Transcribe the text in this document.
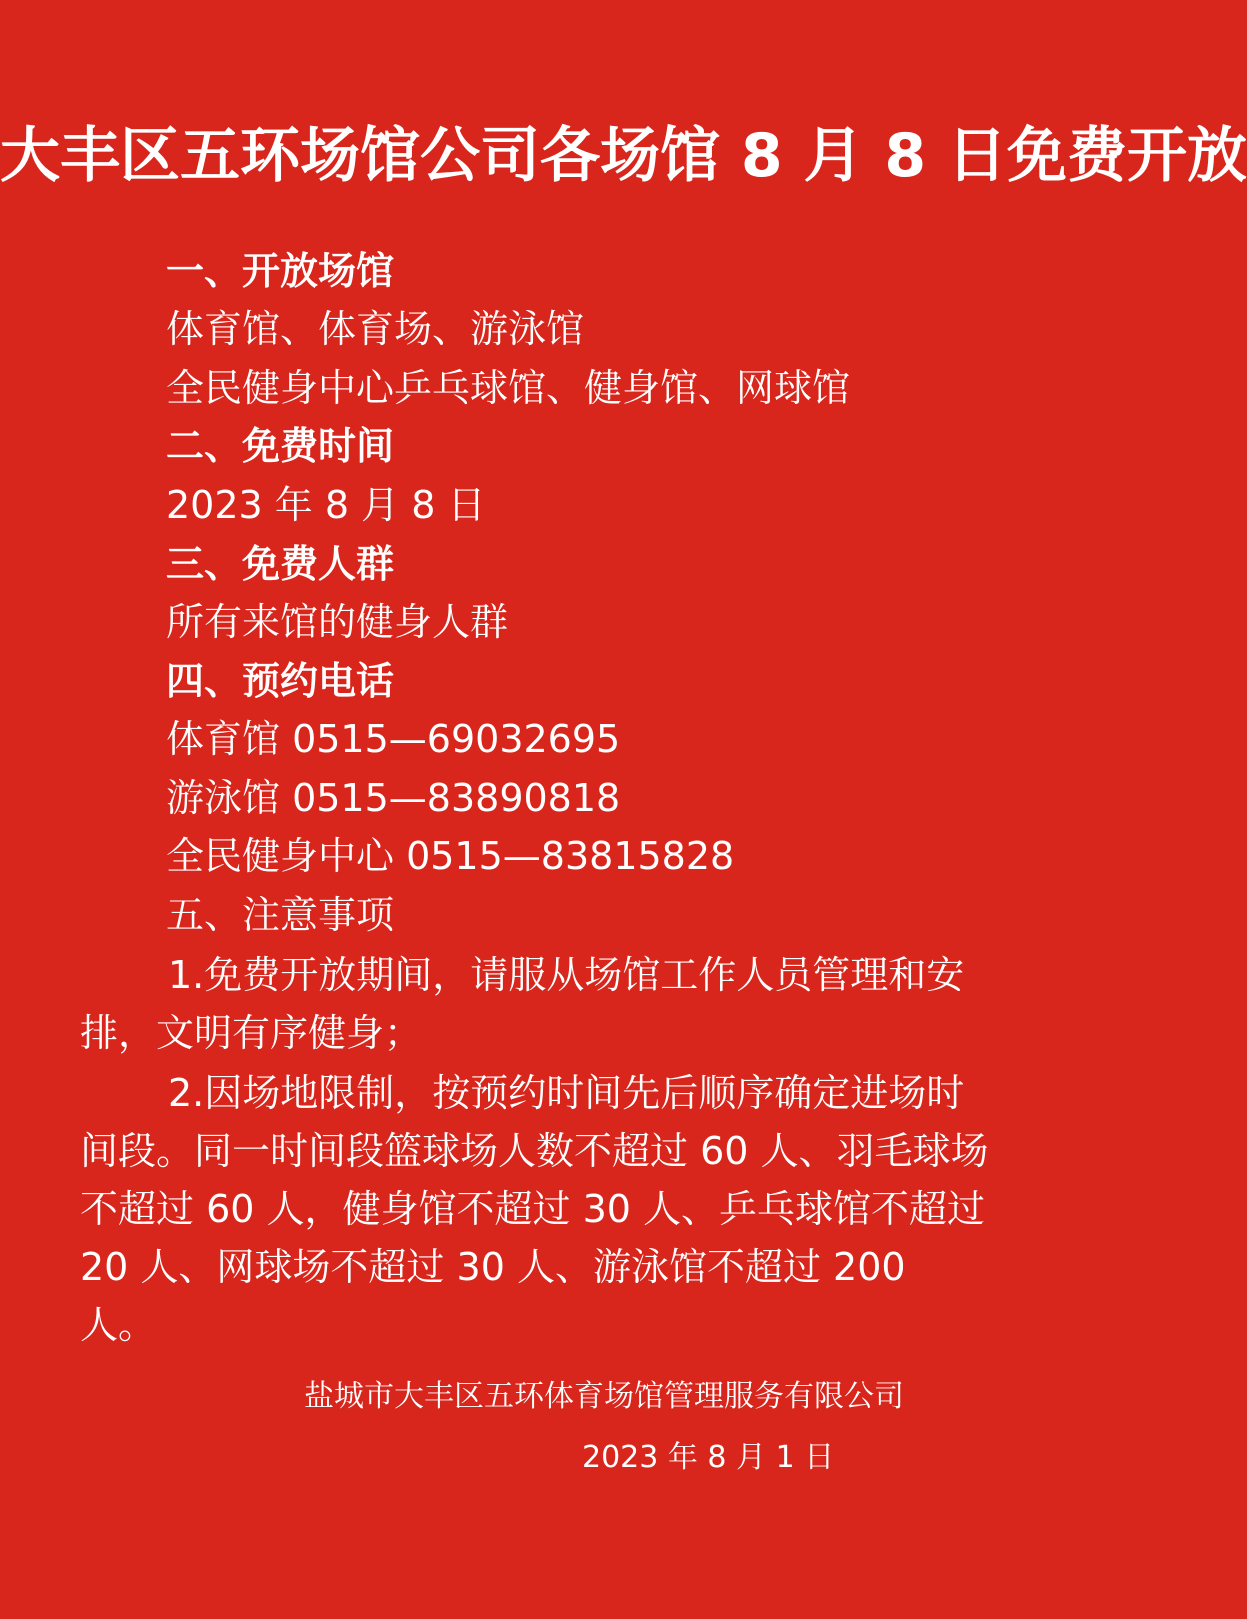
大丰区五环场馆公司各场馆 8 月 8 日免费开放
一、开放场馆
体育馆、体育场、游泳馆
全民健身中心乒乓球馆、健身馆、网球馆
二、免费时间
2023 年 8 月 8 日
三、免费人群
所有来馆的健身人群
四、预约电话
体育馆 0515—69032695
游泳馆 0515—83890818
全民健身中心 0515—83815828
五、注意事项
1.免费开放期间，请服从场馆工作人员管理和安排，文明有序健身；
2.因场地限制，按预约时间先后顺序确定进场时间段。同一时间段篮球场人数不超过 60 人、羽毛球场不超过 60 人，健身馆不超过 30 人、乒乓球馆不超过 20 人、网球场不超过 30 人、游泳馆不超过 200 人。
盐城市大丰区五环体育场馆管理服务有限公司
2023 年 8 月 1 日
